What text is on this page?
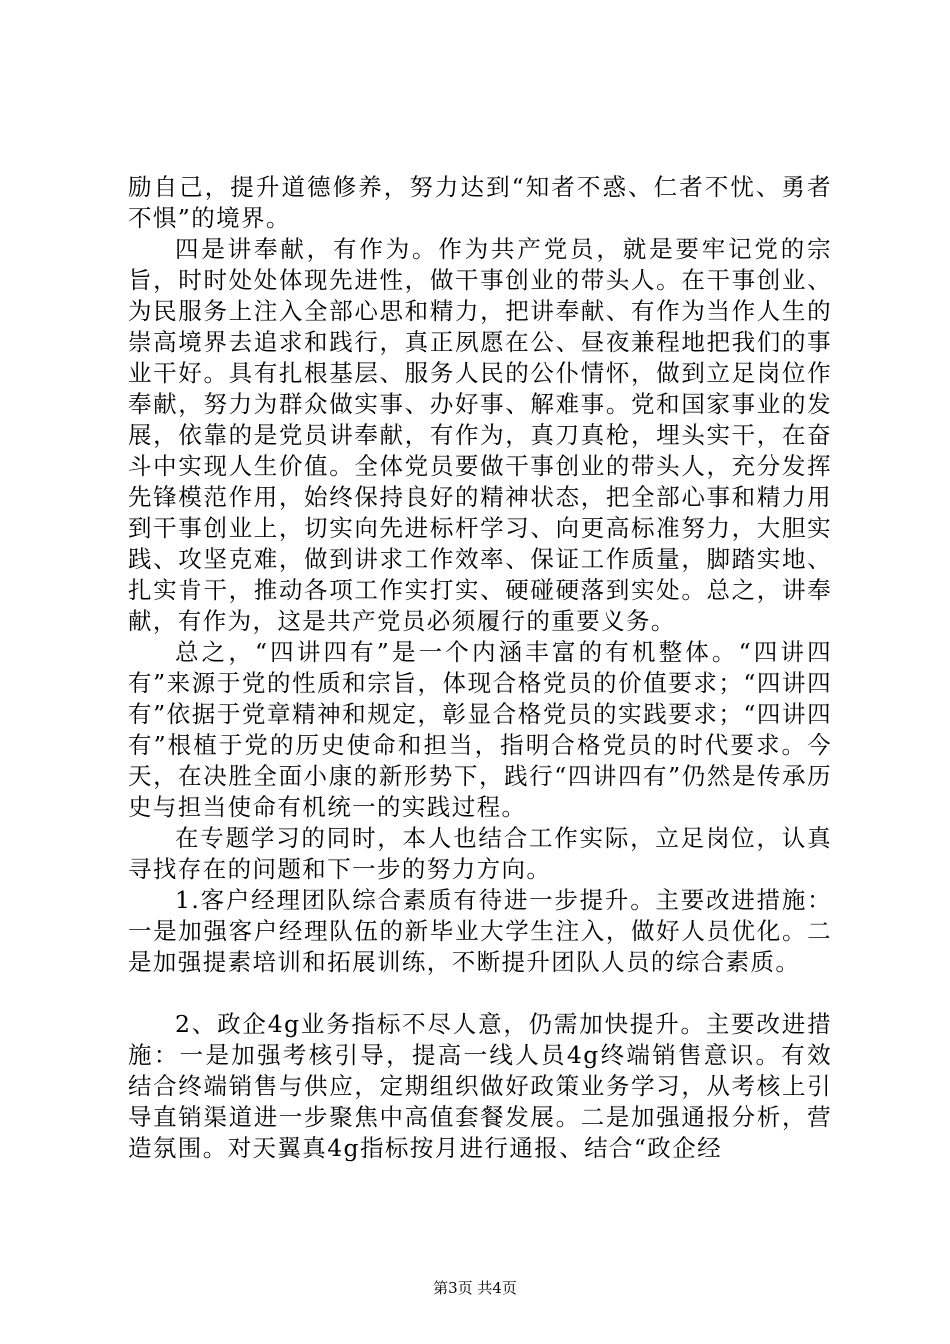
励自己，提升道德修养，努力达到“知者不惑、仁者不忧、勇者不惧”的境界。

四是讲奉献，有作为。作为共产党员，就是要牢记党的宗旨，时时处处体现先进性，做干事创业的带头人。在干事创业、为民服务上注入全部心思和精力，把讲奉献、有作为当作人生的崇高境界去追求和践行，真正夙愿在公、昼夜兼程地把我们的事业干好。具有扎根基层、服务人民的公仆情怀，做到立足岗位作奉献，努力为群众做实事、办好事、解难事。党和国家事业的发展，依靠的是党员讲奉献，有作为，真刀真枪，埋头实干，在奋斗中实现人生价值。全体党员要做干事创业的带头人，充分发挥先锋模范作用，始终保持良好的精神状态，把全部心事和精力用到干事创业上，切实向先进标杆学习、向更高标准努力，大胆实践、攻坚克难，做到讲求工作效率、保证工作质量，脚踏实地、扎实肯干，推动各项工作实打实、硬碰硬落到实处。总之，讲奉献，有作为，这是共产党员必须履行的重要义务。

总之，“四讲四有”是一个内涵丰富的有机整体。“四讲四有”来源于党的性质和宗旨，体现合格党员的价值要求；“四讲四有”依据于党章精神和规定，彰显合格党员的实践要求；“四讲四有”根植于党的历史使命和担当，指明合格党员的时代要求。今天，在决胜全面小康的新形势下，践行“四讲四有”仍然是传承历史与担当使命有机统一的实践过程。

在专题学习的同时，本人也结合工作实际，立足岗位，认真寻找存在的问题和下一步的努力方向。

1.客户经理团队综合素质有待进一步提升。主要改进措施：一是加强客户经理队伍的新毕业大学生注入，做好人员优化。二是加强提素培训和拓展训练，不断提升团队人员的综合素质。

2、政企4g业务指标不尽人意，仍需加快提升。主要改进措施：一是加强考核引导，提高一线人员4g终端销售意识。有效结合终端销售与供应，定期组织做好政策业务学习，从考核上引导直销渠道进一步聚焦中高值套餐发展。二是加强通报分析，营造氛围。对天翼真4g指标按月进行通报、结合“政企经

第3页 共4页
